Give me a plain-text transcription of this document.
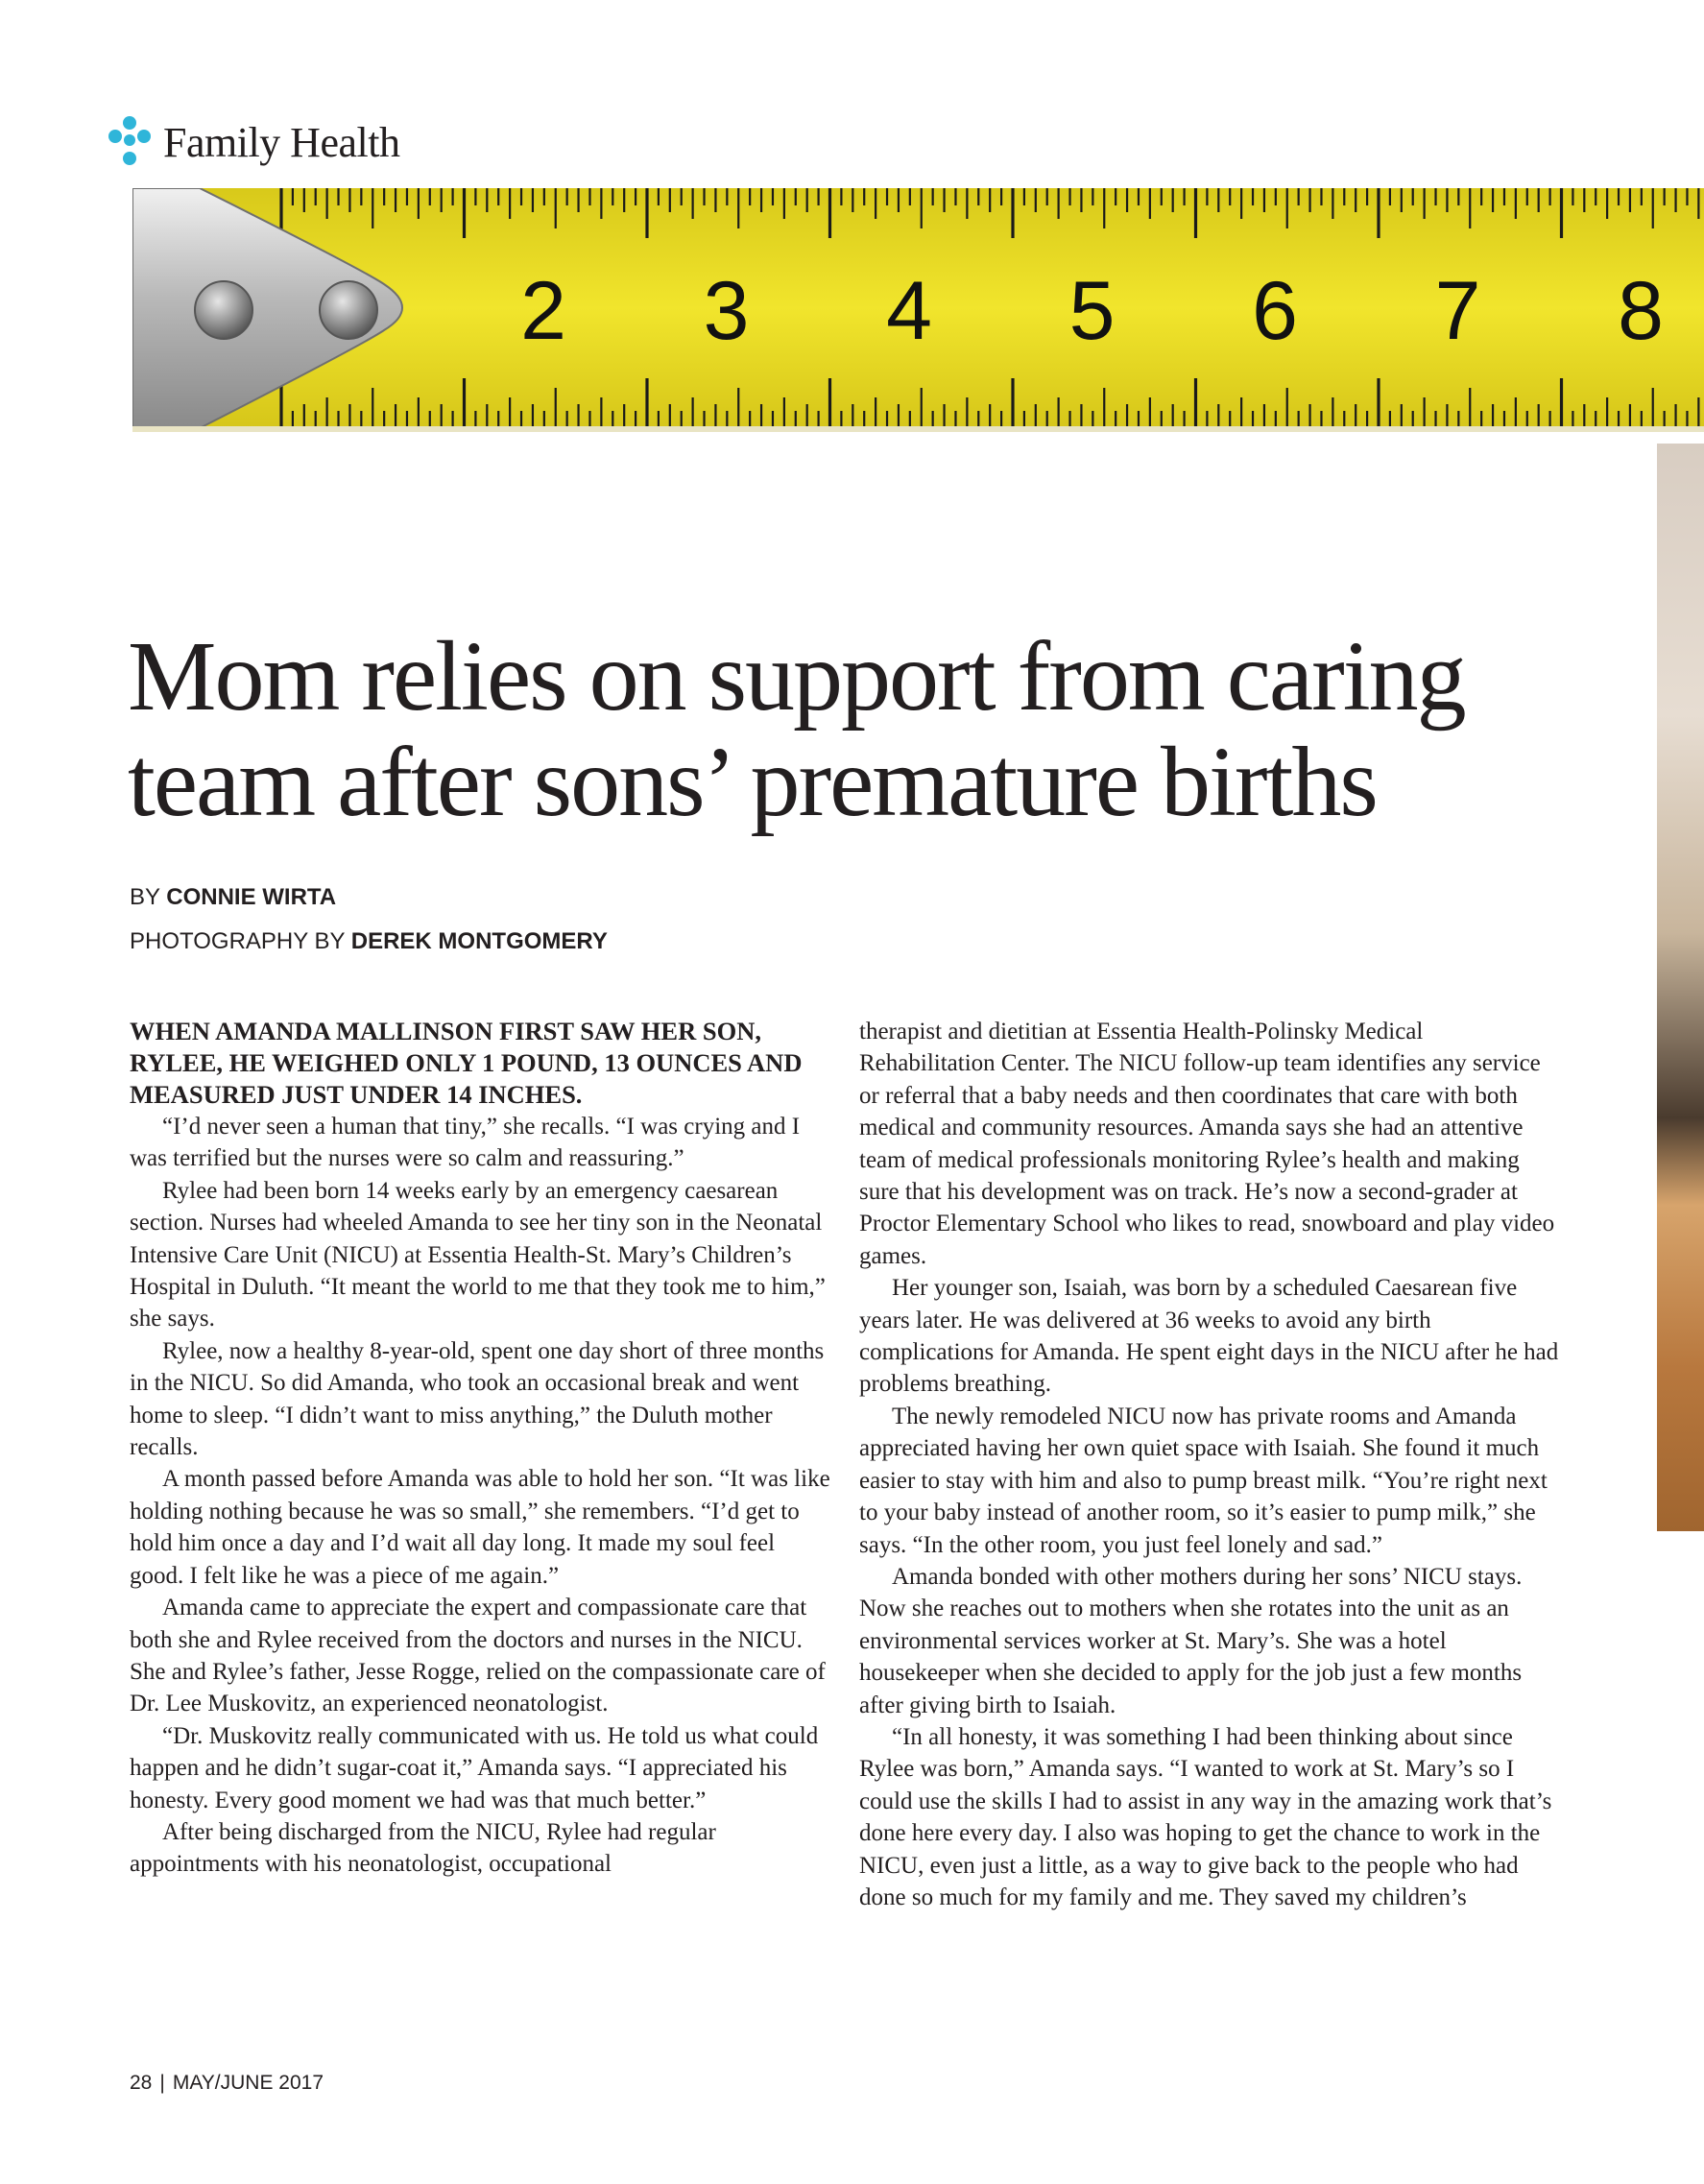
Family Health
2 3 4 5 6 7 8
Mom relies on support from caring
team after sons’ premature births
BY CONNIE WIRTA
PHOTOGRAPHY BY DEREK MONTGOMERY

WHEN AMANDA MALLINSON FIRST SAW HER SON, RYLEE, HE WEIGHED ONLY 1 POUND, 13 OUNCES AND MEASURED JUST UNDER 14 INCHES.

“I’d never seen a human that tiny,” she recalls. “I was crying and I was terrified but the nurses were so calm and reassuring.”

Rylee had been born 14 weeks early by an emergency caesarean section. Nurses had wheeled Amanda to see her tiny son in the Neonatal Intensive Care Unit (NICU) at Essentia Health-St. Mary’s Children’s Hospital in Duluth. “It meant the world to me that they took me to him,” she says.

Rylee, now a healthy 8-year-old, spent one day short of three months in the NICU. So did Amanda, who took an occasional break and went home to sleep. “I didn’t want to miss anything,” the Duluth mother recalls.

A month passed before Amanda was able to hold her son. “It was like holding nothing because he was so small,” she remembers. “I’d get to hold him once a day and I’d wait all day long. It made my soul feel good. I felt like he was a piece of me again.”

Amanda came to appreciate the expert and compassionate care that both she and Rylee received from the doctors and nurses in the NICU. She and Rylee’s father, Jesse Rogge, relied on the compassionate care of Dr. Lee Muskovitz, an experienced neonatologist.

“Dr. Muskovitz really communicated with us. He told us what could happen and he didn’t sugar-coat it,” Amanda says. “I appreciated his honesty. Every good moment we had was that much better.”

After being discharged from the NICU, Rylee had regular appointments with his neonatologist, occupational

therapist and dietitian at Essentia Health-Polinsky Medical Rehabilitation Center. The NICU follow-up team identifies any service or referral that a baby needs and then coordinates that care with both medical and community resources. Amanda says she had an attentive team of medical professionals monitoring Rylee’s health and making sure that his development was on track. He’s now a second-grader at Proctor Elementary School who likes to read, snowboard and play video games.

Her younger son, Isaiah, was born by a scheduled Caesarean five years later. He was delivered at 36 weeks to avoid any birth complications for Amanda. He spent eight days in the NICU after he had problems breathing.

The newly remodeled NICU now has private rooms and Amanda appreciated having her own quiet space with Isaiah. She found it much easier to stay with him and also to pump breast milk. “You’re right next to your baby instead of another room, so it’s easier to pump milk,” she says. “In the other room, you just feel lonely and sad.”

Amanda bonded with other mothers during her sons’ NICU stays. Now she reaches out to mothers when she rotates into the unit as an environmental services worker at St. Mary’s. She was a hotel housekeeper when she decided to apply for the job just a few months after giving birth to Isaiah.

“In all honesty, it was something I had been thinking about since Rylee was born,” Amanda says. “I wanted to work at St. Mary’s so I could use the skills I had to assist in any way in the amazing work that’s done here every day. I also was hoping to get the chance to work in the NICU, even just a little, as a way to give back to the people who had done so much for my family and me. They saved my children’s

28 | MAY/JUNE 2017
